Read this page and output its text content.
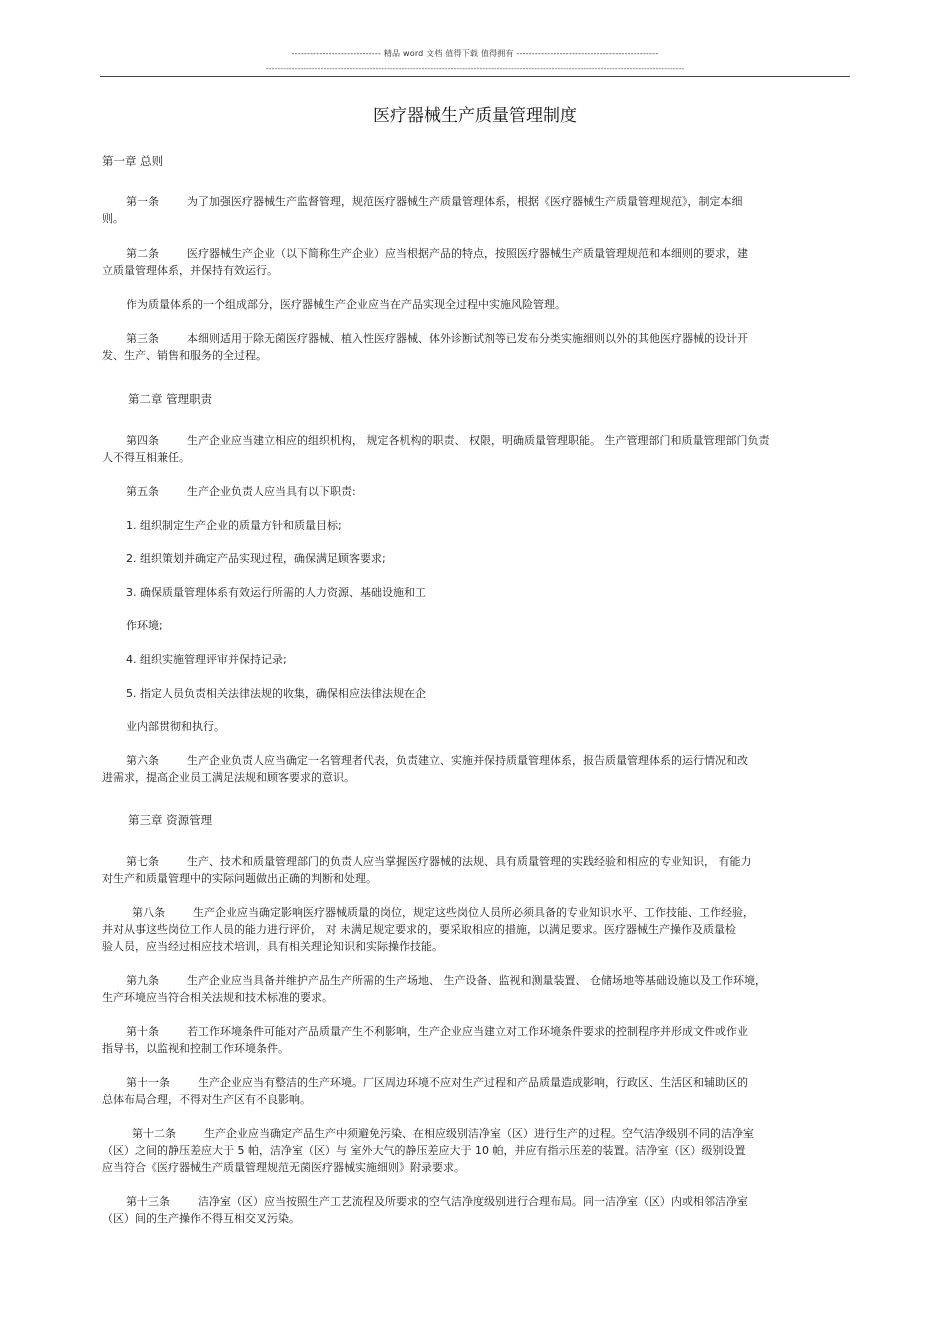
----------------------------- 精品 word 文档 值得下载 值得拥有 ----------------------------------------------
-------------------------------------------------------------------------------------------------------------------------------------------------
医疗器械生产质量管理制度
第一章 总则
第一条	为了加强医疗器械生产监督管理，规范医疗器械生产质量管理体系，根据《医疗器械生产质量管理规范》，制定本细
则。
第二条	医疗器械生产企业（以下简称生产企业）应当根据产品的特点，按照医疗器械生产质量管理规范和本细则的要求，建
立质量管理体系，并保持有效运行。
作为质量体系的一个组成部分，医疗器械生产企业应当在产品实现全过程中实施风险管理。
第三条	本细则适用于除无菌医疗器械、植入性医疗器械、体外诊断试剂等已发布分类实施细则以外的其他医疗器械的设计开
发、生产、销售和服务的全过程。
第二章 管理职责
第四条	生产企业应当建立相应的组织机构， 规定各机构的职责、 权限，明确质量管理职能。 生产管理部门和质量管理部门负责
人不得互相兼任。
第五条	生产企业负责人应当具有以下职责:
1. 组织制定生产企业的质量方针和质量目标;
2. 组织策划并确定产品实现过程，确保满足顾客要求;
3. 确保质量管理体系有效运行所需的人力资源、基础设施和工
作环境;
4. 组织实施管理评审并保持记录;
5. 指定人员负责相关法律法规的收集，确保相应法律法规在企
业内部贯彻和执行。
第六条	生产企业负责人应当确定一名管理者代表，负责建立、实施并保持质量管理体系，报告质量管理体系的运行情况和改
进需求，提高企业员工满足法规和顾客要求的意识。
第三章 资源管理
第七条	生产、技术和质量管理部门的负责人应当掌握医疗器械的法规、具有质量管理的实践经验和相应的专业知识， 有能力
对生产和质量管理中的实际问题做出正确的判断和处理。
第八条	生产企业应当确定影响医疗器械质量的岗位，规定这些岗位人员所必须具备的专业知识水平、工作技能、工作经验，
并对从事这些岗位工作人员的能力进行评价， 对 未满足规定要求的，要采取相应的措施，以满足要求。医疗器械生产操作及质量检
验人员，应当经过相应技术培训，具有相关理论知识和实际操作技能。
第九条	生产企业应当具备并维护产品生产所需的生产场地、 生产设备、监视和测量装置、 仓储场地等基础设施以及工作环境，
生产环境应当符合相关法规和技术标准的要求。
第十条	若工作环境条件可能对产品质量产生不利影响，生产企业应当建立对工作环境条件要求的控制程序并形成文件或作业
指导书，以监视和控制工作环境条件。
第十一条	生产企业应当有整洁的生产环境。厂区周边环境不应对生产过程和产品质量造成影响，行政区、生活区和辅助区的
总体布局合理，不得对生产区有不良影响。
第十二条	生产企业应当确定产品生产中须避免污染、在相应级别洁净室（区）进行生产的过程。空气洁净级别不同的洁净室
（区）之间的静压差应大于 5 帕，洁净室（区）与 室外大气的静压差应大于 10 帕，并应有指示压差的装置。洁净室（区）级别设置
应当符合《医疗器械生产质量管理规范无菌医疗器械实施细则》附录要求。
第十三条	洁净室（区）应当按照生产工艺流程及所要求的空气洁净度级别进行合理布局。同一洁净室（区）内或相邻洁净室
（区）间的生产操作不得互相交叉污染。
